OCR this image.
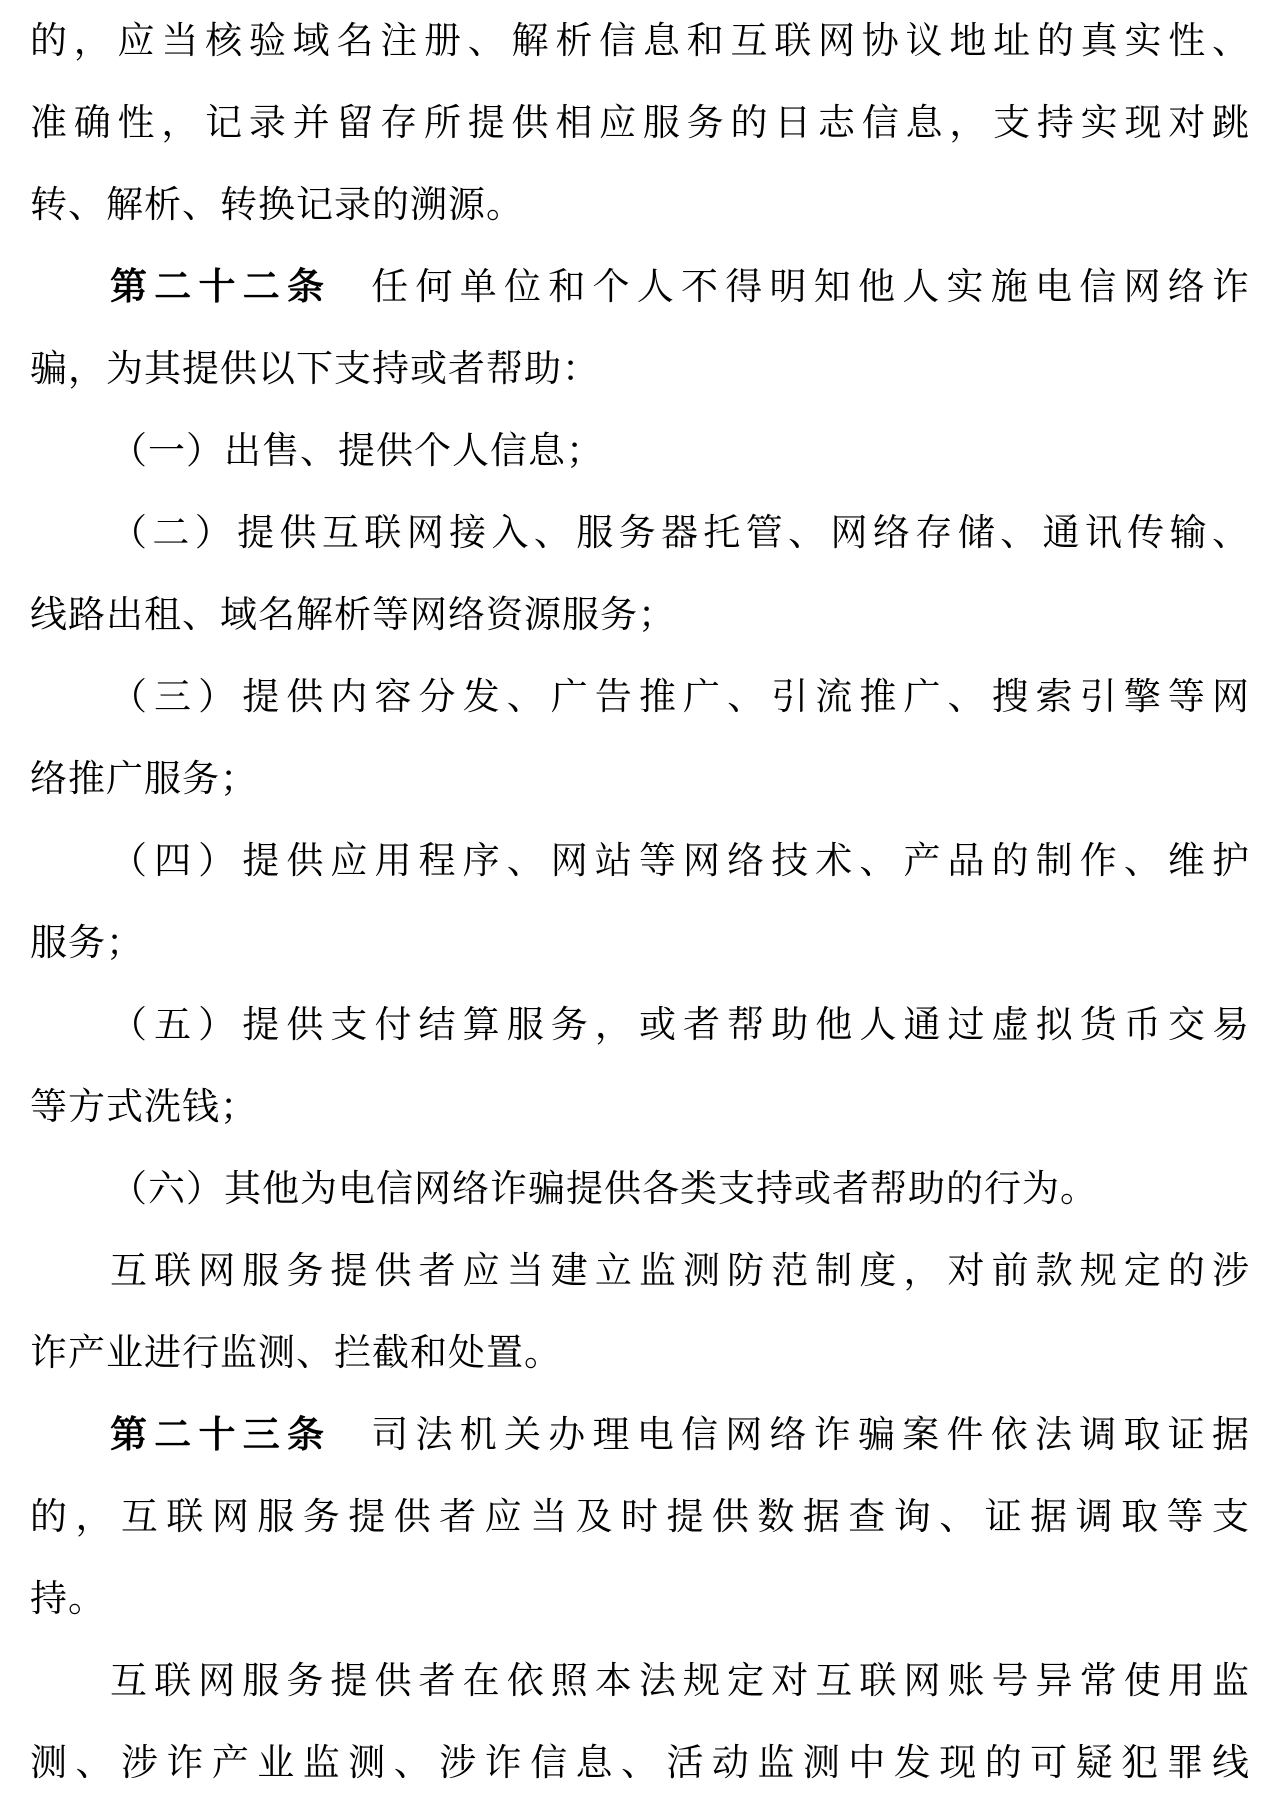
的，应当核验域名注册、解析信息和互联网协议地址的真实性、
准确性，记录并留存所提供相应服务的日志信息，支持实现对跳
转、解析、转换记录的溯源。
第二十二条 任何单位和个人不得明知他人实施电信网络诈
骗，为其提供以下支持或者帮助：
（一）出售、提供个人信息；
（二）提供互联网接入、服务器托管、网络存储、通讯传输、
线路出租、域名解析等网络资源服务；
（三）提供内容分发、广告推广、引流推广、搜索引擎等网
络推广服务；
（四）提供应用程序、网站等网络技术、产品的制作、维护
服务；
（五）提供支付结算服务，或者帮助他人通过虚拟货币交易
等方式洗钱；
（六）其他为电信网络诈骗提供各类支持或者帮助的行为。
互联网服务提供者应当建立监测防范制度，对前款规定的涉
诈产业进行监测、拦截和处置。
第二十三条 司法机关办理电信网络诈骗案件依法调取证据
的，互联网服务提供者应当及时提供数据查询、证据调取等支
持。
互联网服务提供者在依照本法规定对互联网账号异常使用监
测、涉诈产业监测、涉诈信息、活动监测中发现的可疑犯罪线
